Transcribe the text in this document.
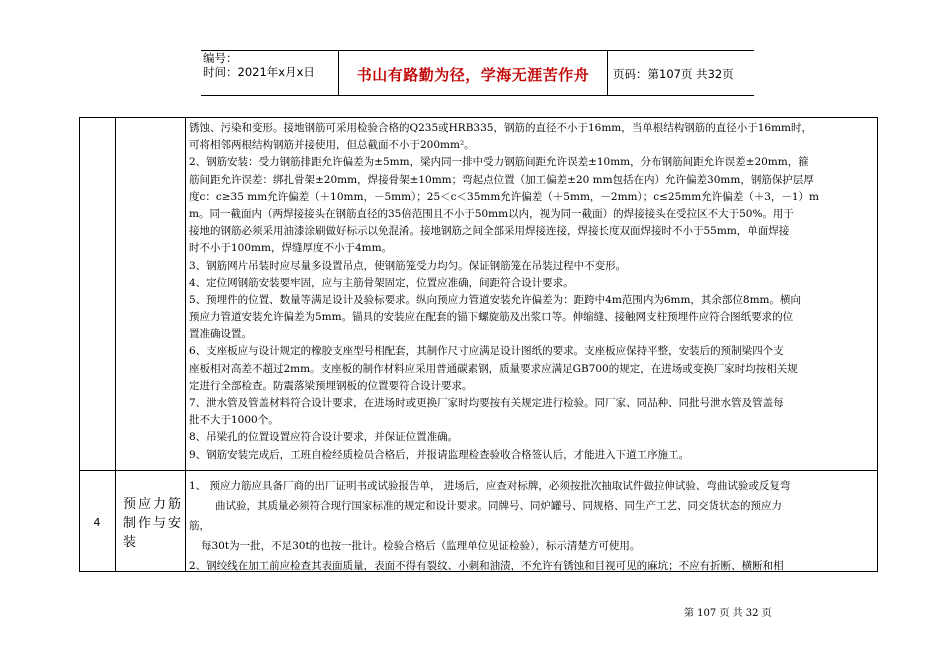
编号：
时间：2021年x月x日	书山有路勤为径，学海无涯苦作舟	页码：第107页 共32页
锈蚀、污染和变形。接地钢筋可采用检验合格的Q235或HRB335，钢筋的直径不小于16mm，当单根结构钢筋的直径小于16mm时，
可将相邻两根结构钢筋并接使用，但总截面不小于200mm²。
2、钢筋安装：受力钢筋排距允许偏差为±5mm，梁内同一排中受力钢筋间距允许误差±10mm，分布钢筋间距允许误差±20mm，箍
筋间距允许误差：绑扎骨架±20mm，焊接骨架±10mm；弯起点位置（加工偏差±20 mm包括在内）允许偏差30mm，钢筋保护层厚
度c：c≥35 mm允许偏差（＋10mm，－5mm）；25＜c＜35mm允许偏差（＋5mm，－2mm）；c≤25mm允许偏差（＋3，－1）m
m。同一截面内（两焊接接头在钢筋直径的35倍范围且不小于50mm以内，视为同一截面）的焊接接头在受拉区不大于50%。用于
接地的钢筋必须采用油漆涂刷做好标示以免混淆。接地钢筋之间全部采用焊接连接，焊接长度双面焊接时不小于55mm，单面焊接
时不小于100mm，焊缝厚度不小于4mm。
3、钢筋网片吊装时应尽量多设置吊点，使钢筋笼受力均匀。保证钢筋笼在吊装过程中不变形。
4、定位网钢筋安装要牢固，应与主筋骨架固定，位置应准确，间距符合设计要求。
5、预埋件的位置、数量等满足设计及验标要求。纵向预应力管道安装允许偏差为：距跨中4m范围内为6mm，其余部位8mm。横向
预应力管道安装允许偏差为5mm。锚具的安装应在配套的锚下螺旋筋及出浆口等。伸缩缝、接触网支柱预埋件应符合图纸要求的位
置准确设置。
6、支座板应与设计规定的橡胶支座型号相配套，其制作尺寸应满足设计图纸的要求。支座板应保持平整，安装后的预制梁四个支
座板相对高差不超过2mm。支座板的制作材料应采用普通碳素钢，质量要求应满足GB700的规定，在进场或变换厂家时均按相关规
定进行全部检查。防震落梁预埋钢板的位置要符合设计要求。
7、泄水管及管盖材料符合设计要求，在进场时或更换厂家时均要按有关规定进行检验。同厂家、同品种、同批号泄水管及管盖每
批不大于1000个。
8、吊梁孔的位置设置应符合设计要求，并保证位置准确。
9、钢筋安装完成后，工班自检经质检员合格后，并报请监理检查验收合格签认后，才能进入下道工序施工。
4
预应力筋制作与安装
1、 预应力筋应具备厂商的出厂证明书或试验报告单， 进场后，应查对标牌，必须按批次抽取试件做拉伸试验、弯曲试验或反复弯
曲试验，其质量必须符合现行国家标准的规定和设计要求。同牌号、同炉罐号、同规格、同生产工艺、同交货状态的预应力
筋，
每30t为一批，不足30t的也按一批计。检验合格后（监理单位见证检验），标示清楚方可使用。
2、钢绞线在加工前应检查其表面质量，表面不得有裂纹、小刺和油渍，不允许有锈蚀和目视可见的麻坑；不应有折断、横断和相
第 107 页 共 32 页
